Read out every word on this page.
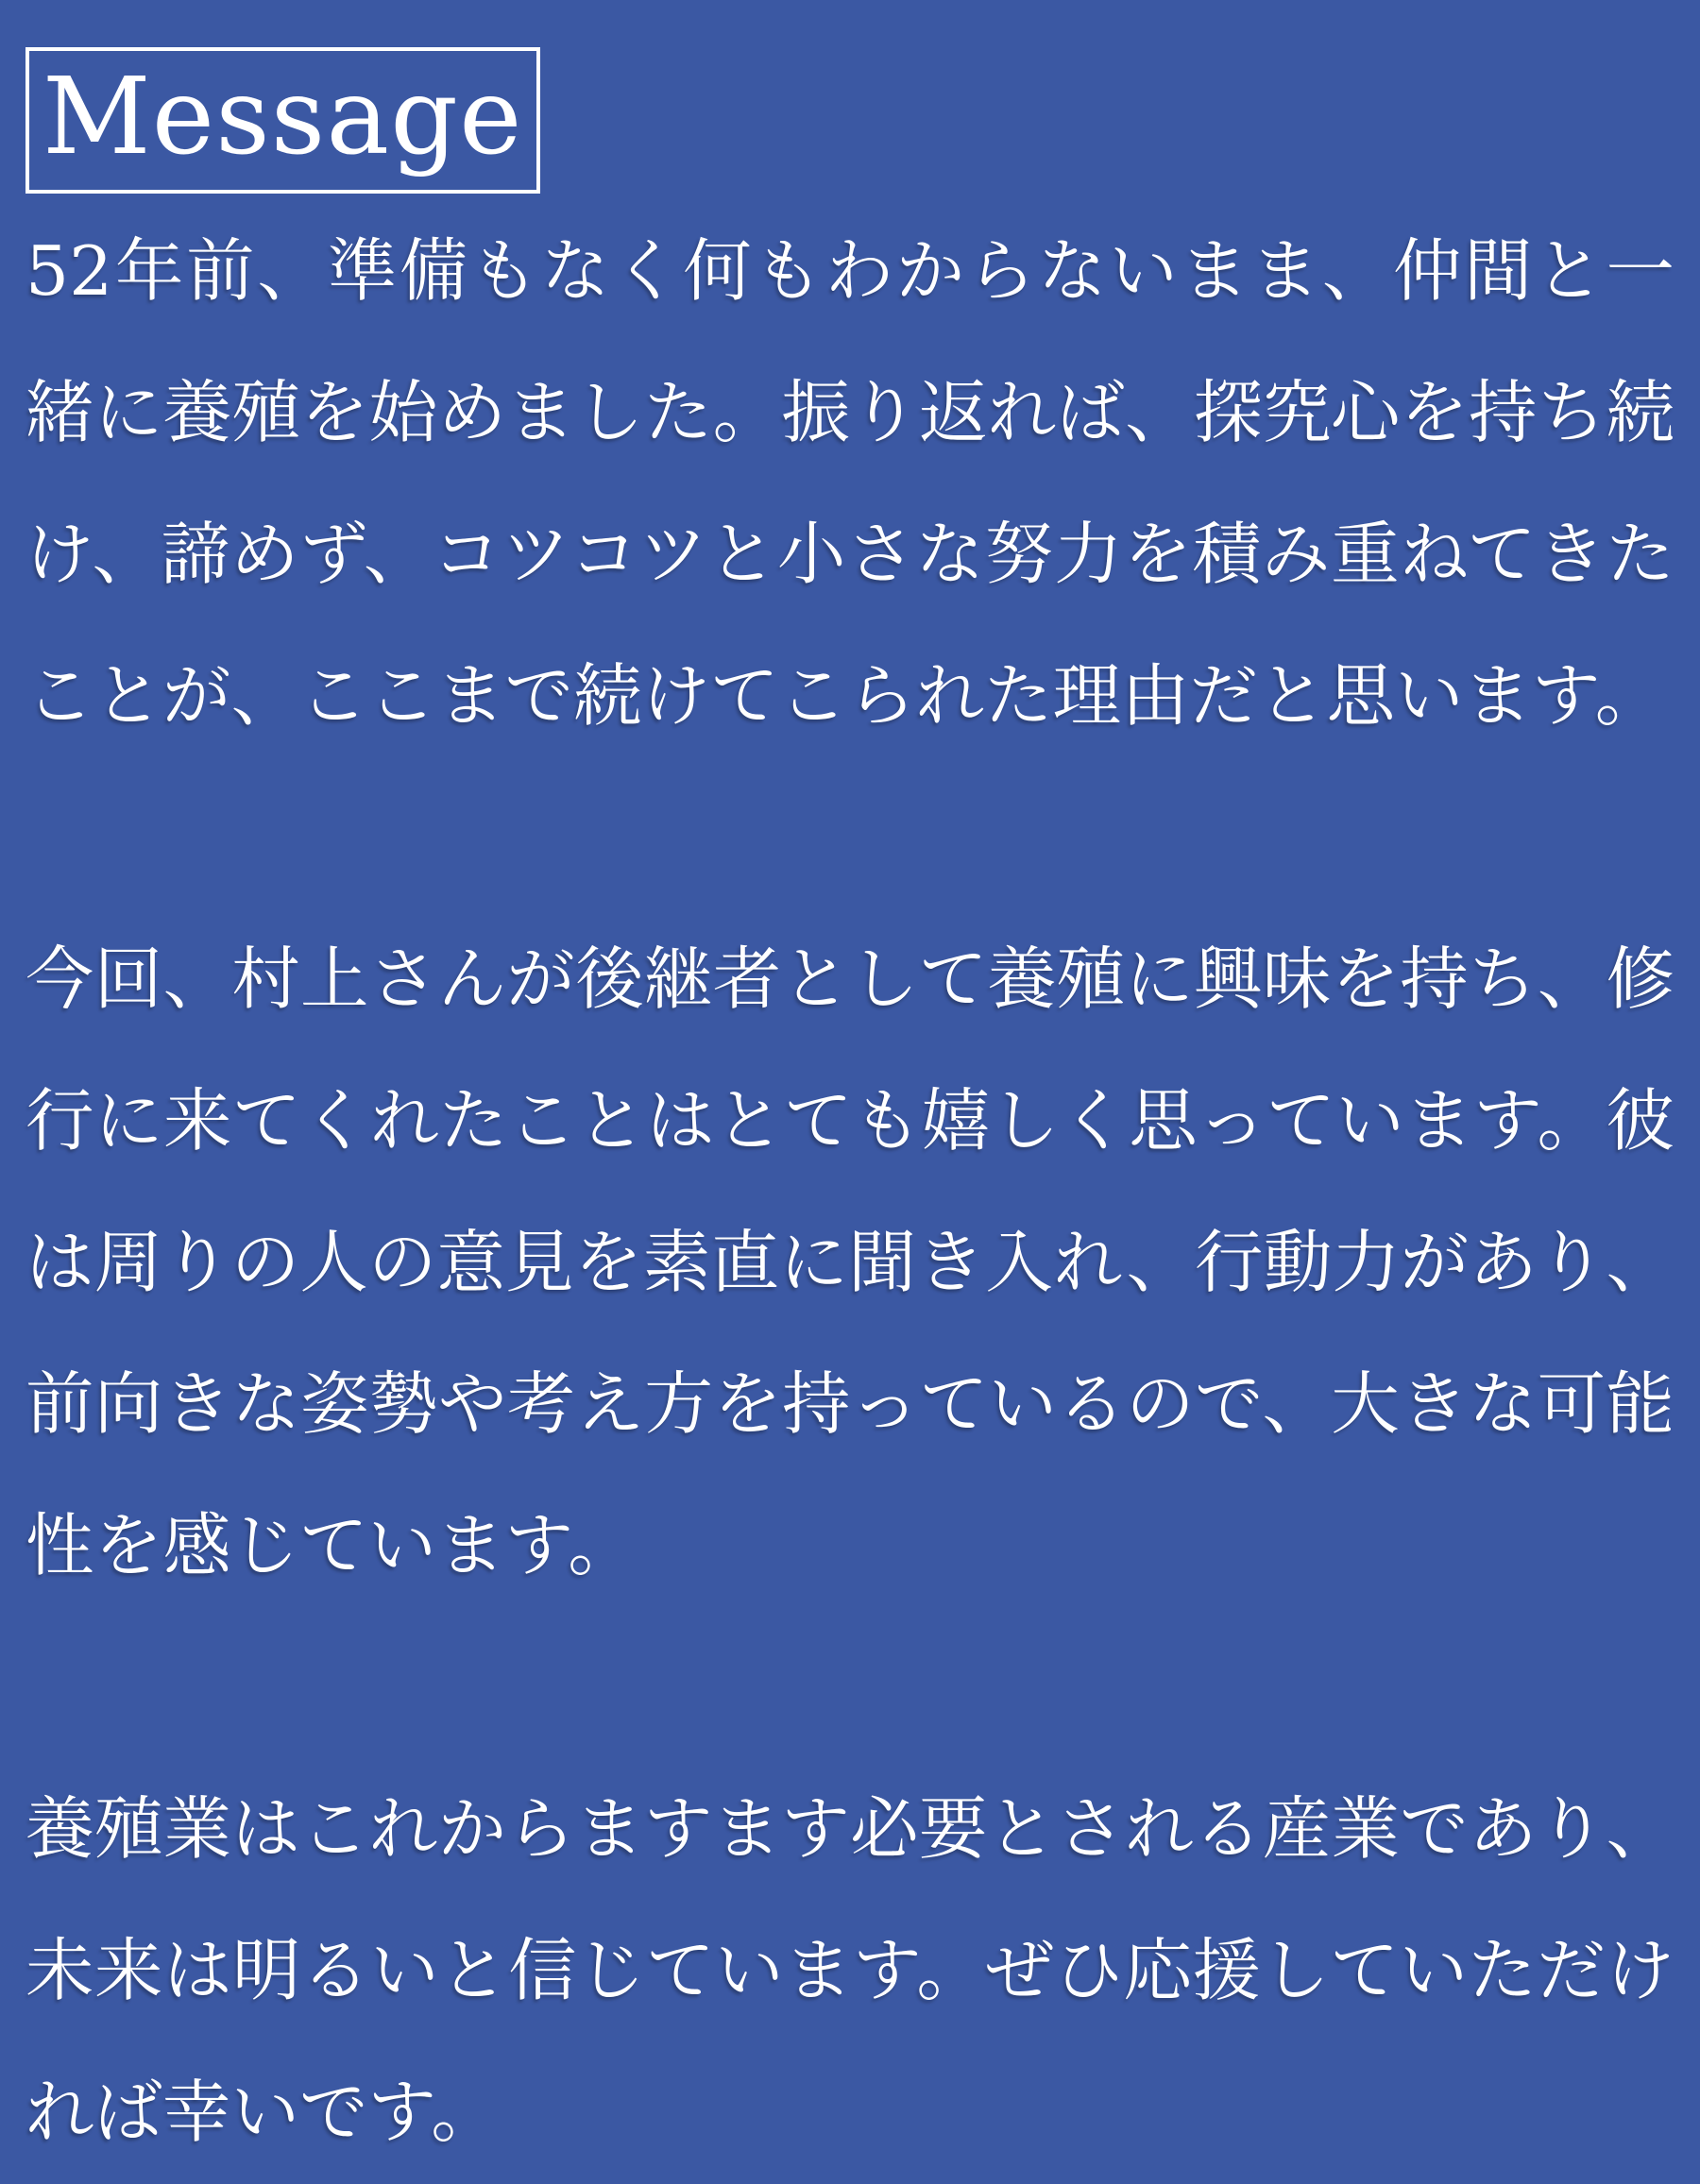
Message

52年前、準備もなく何もわからないまま、仲間と一緒に養殖を始めました。振り返れば、探究心を持ち続け、諦めず、コツコツと小さな努力を積み重ねてきたことが、ここまで続けてこられた理由だと思います。

今回、村上さんが後継者として養殖に興味を持ち、修行に来てくれたことはとても嬉しく思っています。彼は周りの人の意見を素直に聞き入れ、行動力があり、前向きな姿勢や考え方を持っているので、大きな可能性を感じています。

養殖業はこれからますます必要とされる産業であり、未来は明るいと信じています。ぜひ応援していただければ幸いです。
